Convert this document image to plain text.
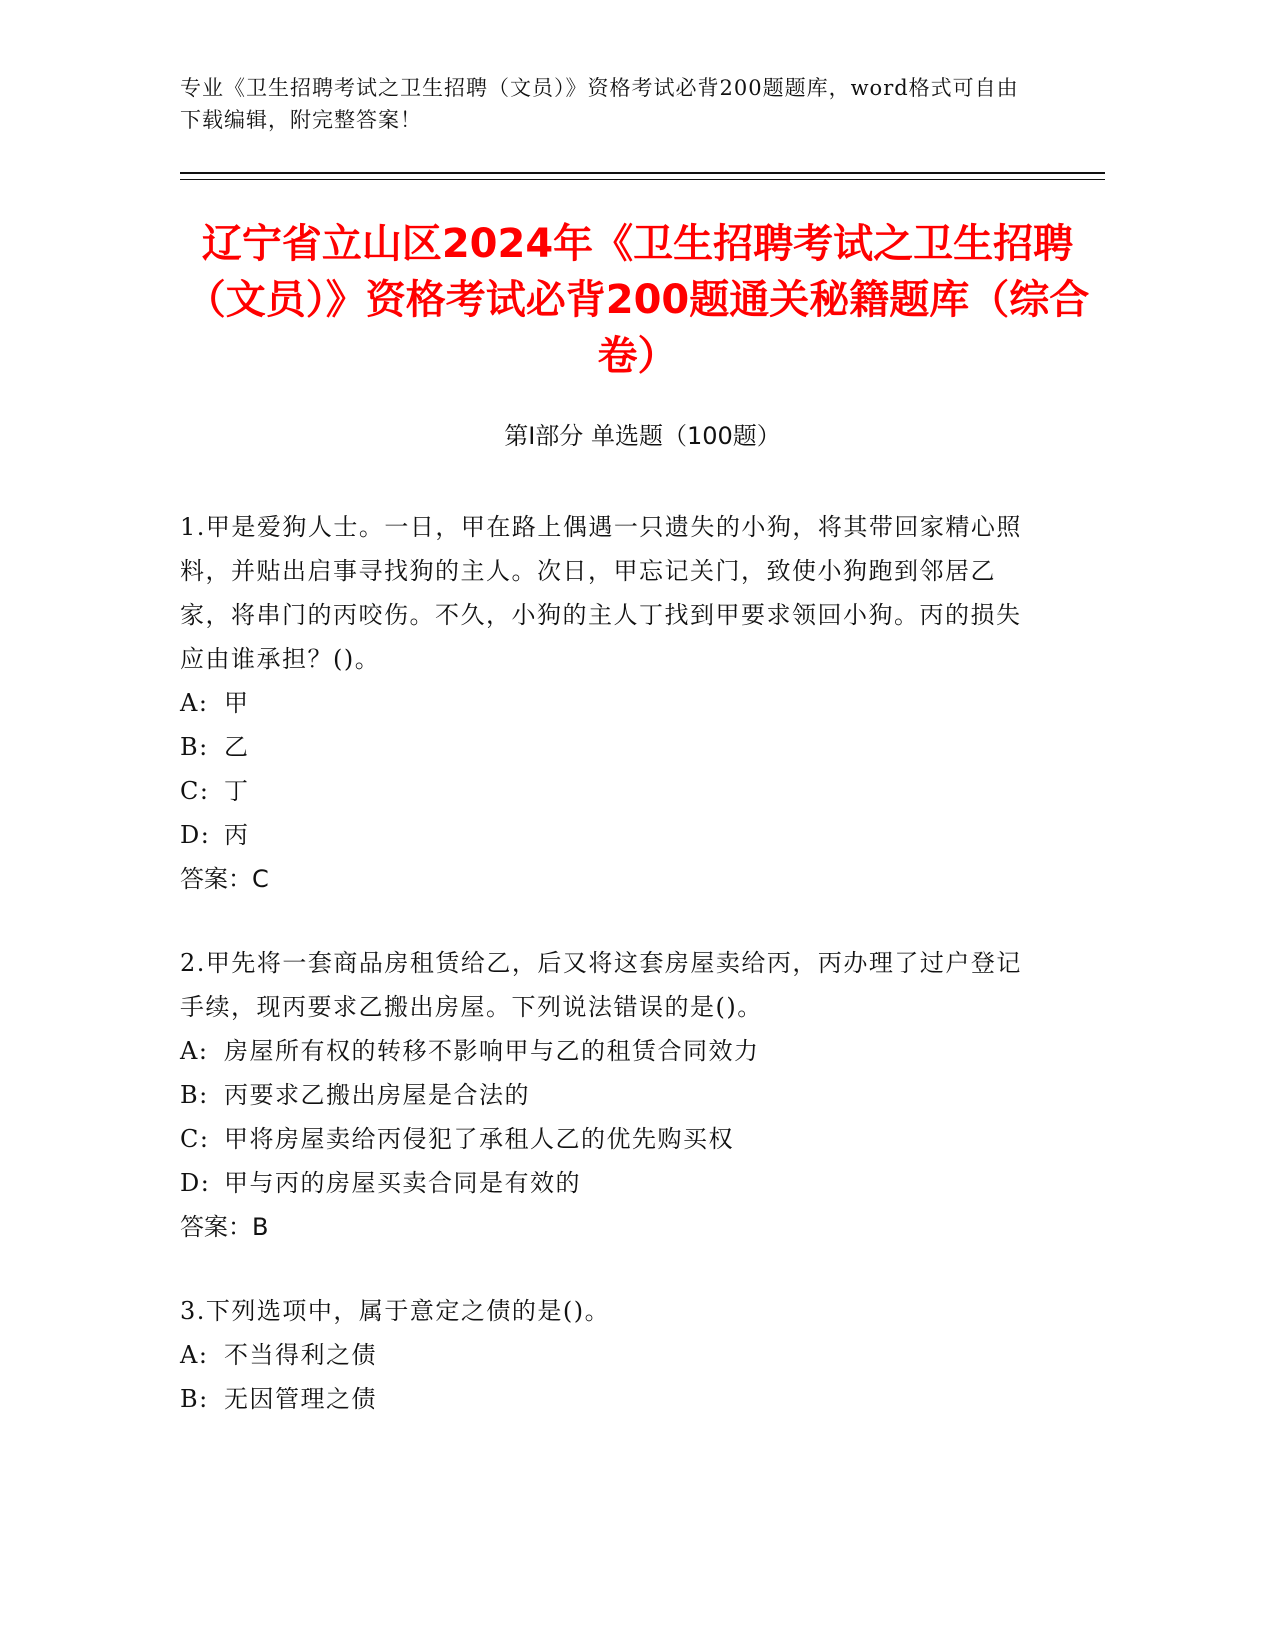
专业《卫生招聘考试之卫生招聘（文员）》资格考试必背200题题库，word格式可自由下载编辑，附完整答案！
辽宁省立山区2024年《卫生招聘考试之卫生招聘（文员）》资格考试必背200题通关秘籍题库（综合卷）
第I部分 单选题（100题）
1.甲是爱狗人士。一日，甲在路上偶遇一只遗失的小狗，将其带回家精心照料，并贴出启事寻找狗的主人。次日，甲忘记关门，致使小狗跑到邻居乙家，将串门的丙咬伤。不久，小狗的主人丁找到甲要求领回小狗。丙的损失应由谁承担？()。
A: 甲
B: 乙
C: 丁
D: 丙
答案：C
2.甲先将一套商品房租赁给乙，后又将这套房屋卖给丙，丙办理了过户登记手续，现丙要求乙搬出房屋。下列说法错误的是()。
A: 房屋所有权的转移不影响甲与乙的租赁合同效力
B: 丙要求乙搬出房屋是合法的
C: 甲将房屋卖给丙侵犯了承租人乙的优先购买权
D: 甲与丙的房屋买卖合同是有效的
答案：B
3.下列选项中，属于意定之债的是()。
A: 不当得利之债
B: 无因管理之债
